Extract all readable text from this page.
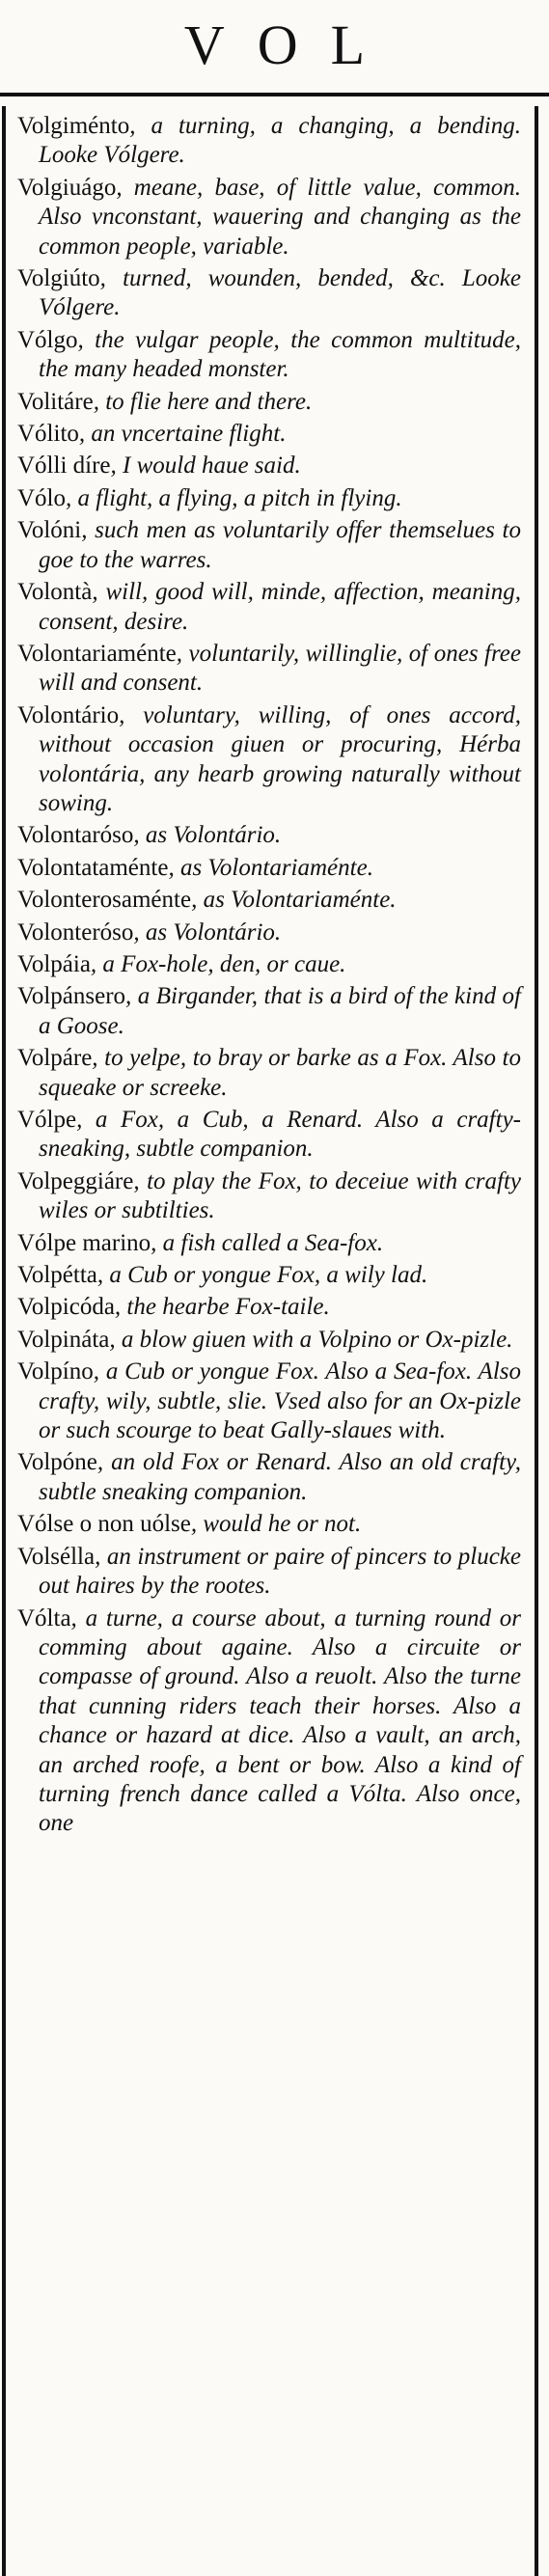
VOL

Volgiménto, a turning, a changing, a bending. Looke Vólgere.

Volgiuágo, meane, base, of little value, common. Also vnconstant, wauering and changing as the common people, variable.

Volgiúto, turned, wounden, bended, &c. Looke Vólgere.

Vólgo, the vulgar people, the common multitude, the many headed monster.

Volitáre, to flie here and there.

Vólito, an vncertaine flight.

Vólli díre, I would haue said.

Vólo, a flight, a flying, a pitch in flying.

Volóni, such men as voluntarily offer themselues to goe to the warres.

Volontà, will, good will, minde, affection, meaning, consent, desire.

Volontariaménte, voluntarily, willinglie, of ones free will and consent.

Volontário, voluntary, willing, of ones accord, without occasion giuen or procuring, Hérba volontária, any hearb growing naturally without sowing.

Volontaróso, as Volontário.

Volontataménte, as Volontariaménte.

Volonterosaménte, as Volontariaménte.

Volonteróso, as Volontário.

Volpáia, a Fox-hole, den, or caue.

Volpánsero, a Birgander, that is a bird of the kind of a Goose.

Volpáre, to yelpe, to bray or barke as a Fox. Also to squeake or screeke.

Vólpe, a Fox, a Cub, a Renard. Also a crafty-sneaking, subtle companion.

Volpeggiáre, to play the Fox, to deceiue with crafty wiles or subtilties.

Vólpe marino, a fish called a Sea-fox.

Volpétta, a Cub or yongue Fox, a wily lad.

Volpicóda, the hearbe Fox-taile.

Volpináta, a blow giuen with a Volpino or Ox-pizle.

Volpíno, a Cub or yongue Fox. Also a Sea-fox. Also crafty, wily, subtle, slie. Vsed also for an Ox-pizle or such scourge to beat Gally-slaues with.

Volpóne, an old Fox or Renard. Also an old crafty, subtle sneaking companion.

Vólse o non uólse, would he or not.

Volsélla, an instrument or paire of pincers to plucke out haires by the rootes.

Vólta, a turne, a course about, a turning round or comming about againe. Also a circuite or compasse of ground. Also a reuolt. Also the turne that cunning riders teach their horses. Also a chance or hazard at dice. Also a vault, an arch, an arched roofe, a bent or bow. Also a kind of turning french dance called a Vólta. Also once, one
